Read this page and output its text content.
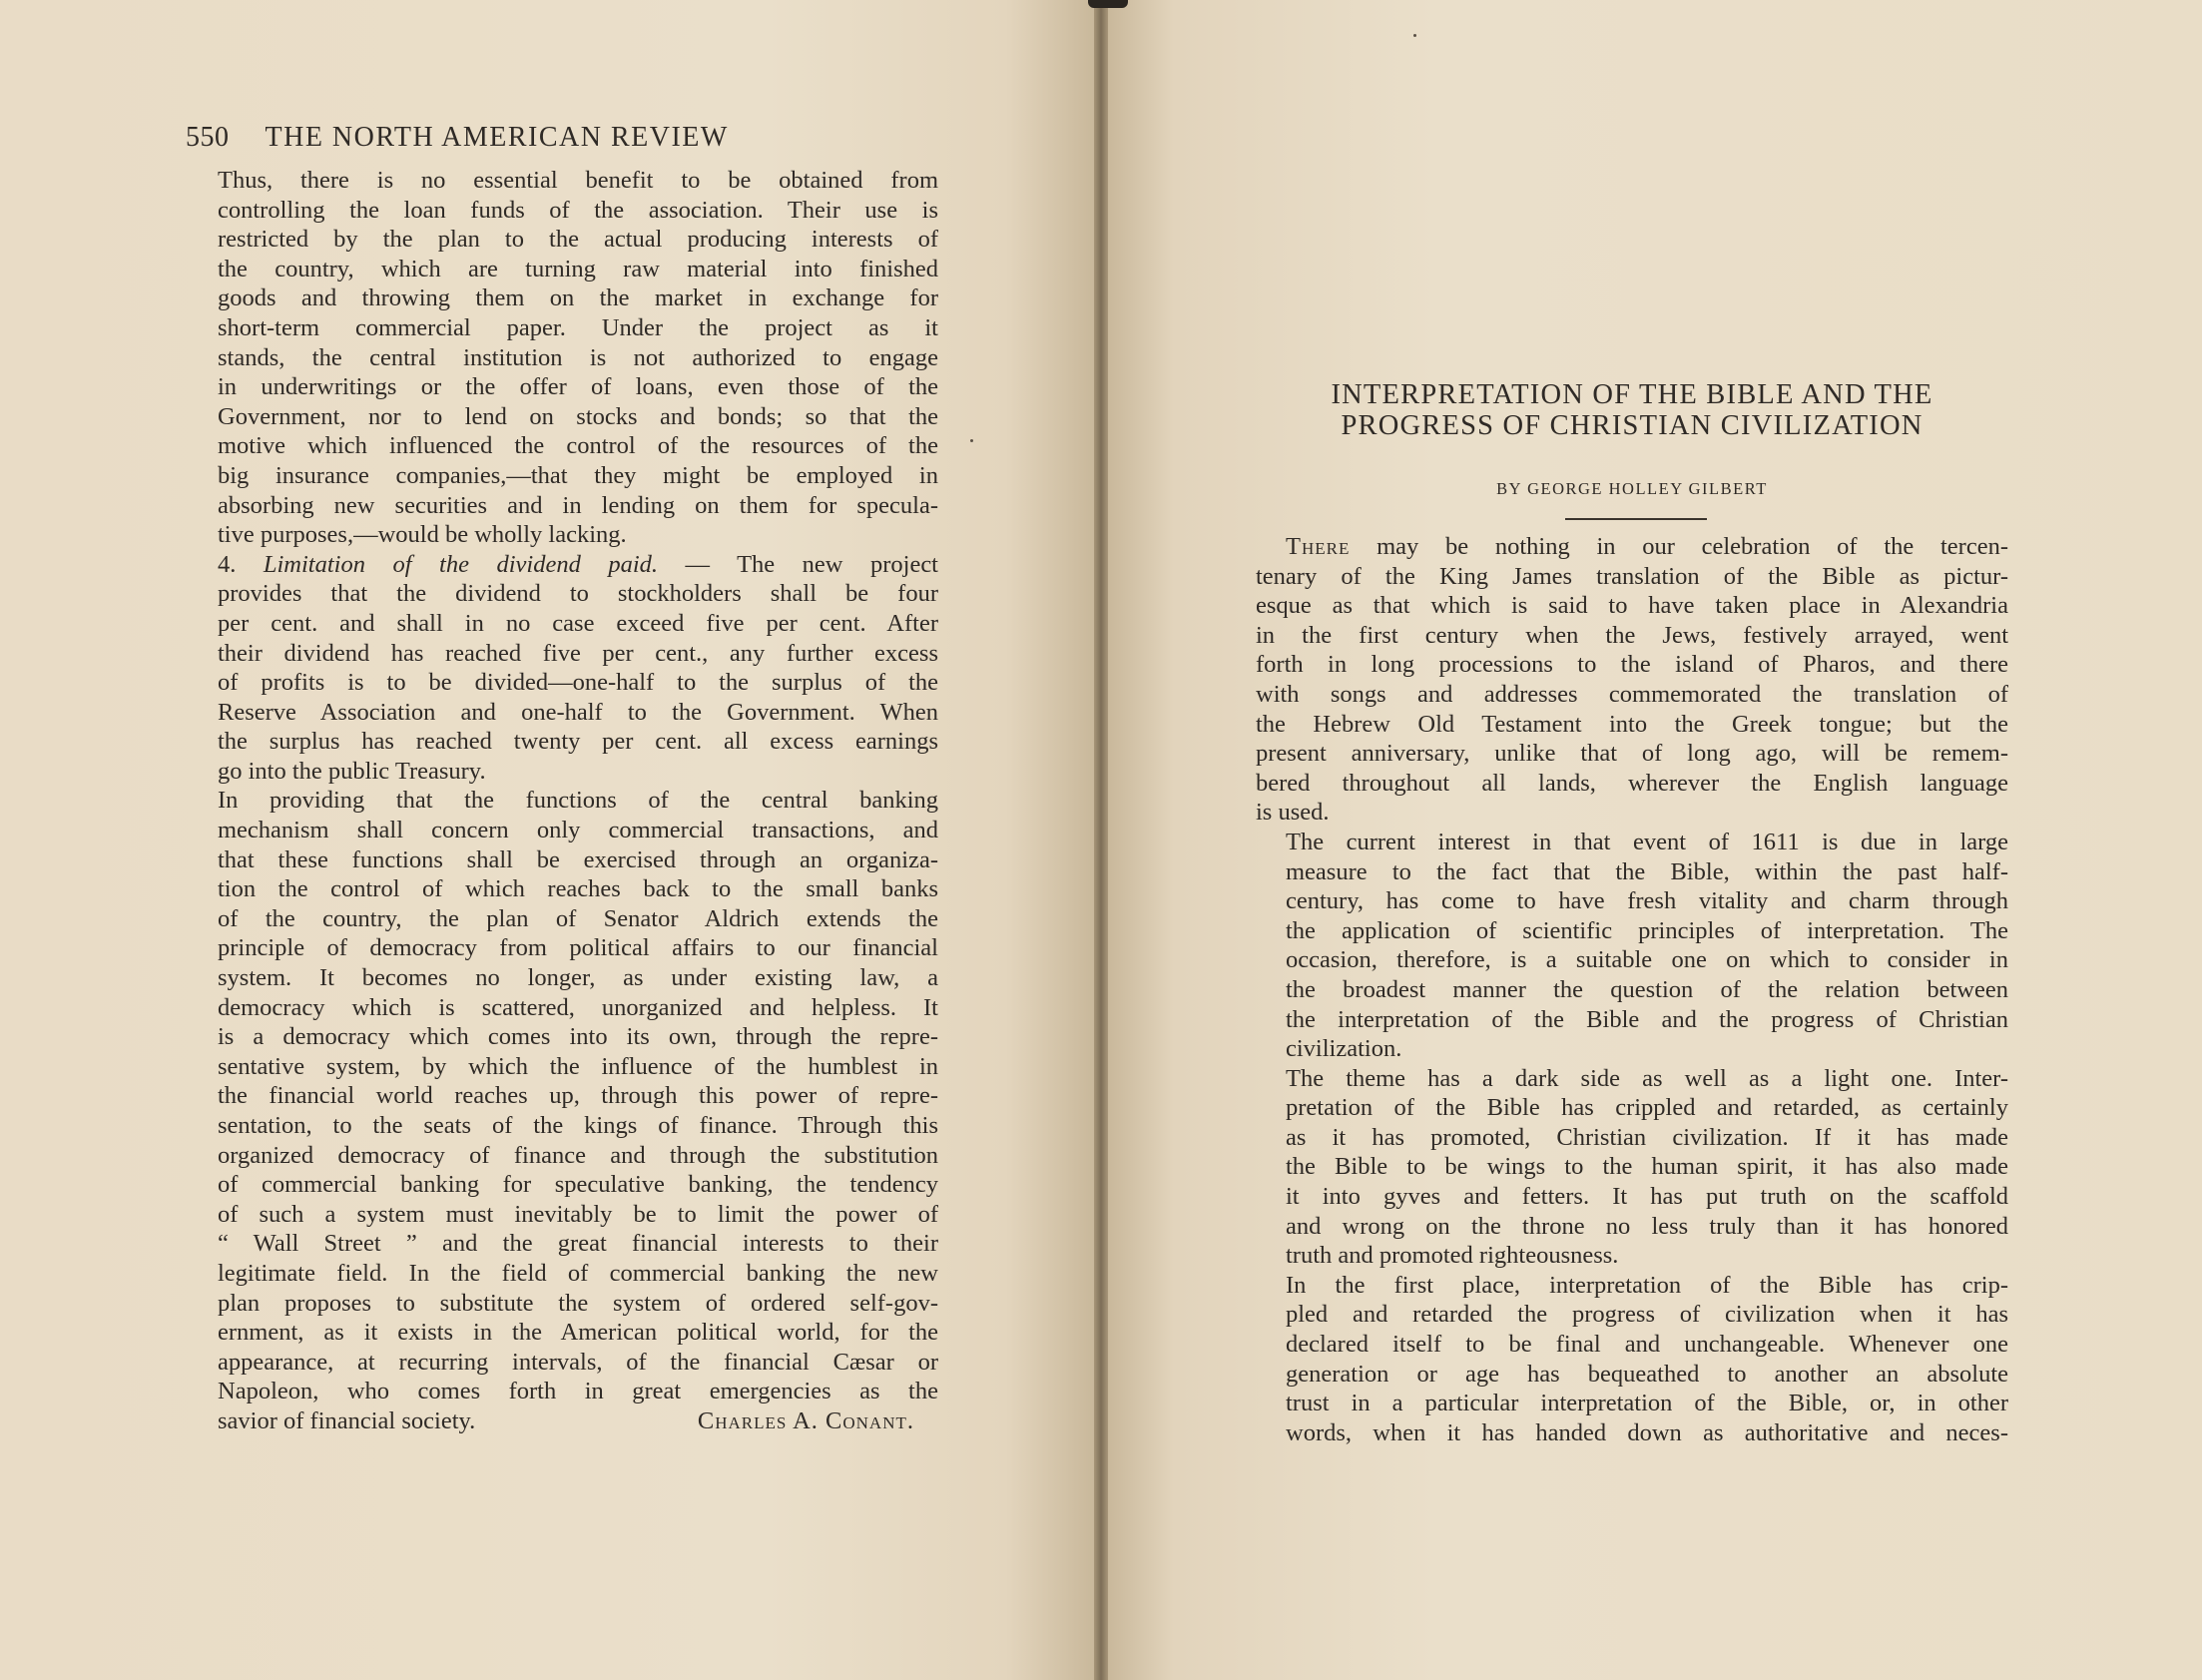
550 THE NORTH AMERICAN REVIEW

Thus, there is no essential benefit to be obtained from
controlling the loan funds of the association. Their use is
restricted by the plan to the actual producing interests of
the country, which are turning raw material into finished
goods and throwing them on the market in exchange for
short-term commercial paper. Under the project as it
stands, the central institution is not authorized to engage
in underwritings or the offer of loans, even those of the
Government, nor to lend on stocks and bonds; so that the
motive which influenced the control of the resources of the
big insurance companies,—that they might be employed in
absorbing new securities and in lending on them for specula-
tive purposes,—would be wholly lacking.

4. Limitation of the dividend paid. — The new project
provides that the dividend to stockholders shall be four
per cent. and shall in no case exceed five per cent. After
their dividend has reached five per cent., any further excess
of profits is to be divided—one-half to the surplus of the
Reserve Association and one-half to the Government. When
the surplus has reached twenty per cent. all excess earnings
go into the public Treasury.

In providing that the functions of the central banking
mechanism shall concern only commercial transactions, and
that these functions shall be exercised through an organiza-
tion the control of which reaches back to the small banks
of the country, the plan of Senator Aldrich extends the
principle of democracy from political affairs to our financial
system. It becomes no longer, as under existing law, a
democracy which is scattered, unorganized and helpless. It
is a democracy which comes into its own, through the repre-
sentative system, by which the influence of the humblest in
the financial world reaches up, through this power of repre-
sentation, to the seats of the kings of finance. Through this
organized democracy of finance and through the substitution
of commercial banking for speculative banking, the tendency
of such a system must inevitably be to limit the power of
“ Wall Street ” and the great financial interests to their
legitimate field. In the field of commercial banking the new
plan proposes to substitute the system of ordered self-gov-
ernment, as it exists in the American political world, for the
appearance, at recurring intervals, of the financial Cæsar or
Napoleon, who comes forth in great emergencies as the
savior of financial society.	Charles A. Conant.

INTERPRETATION OF THE BIBLE AND THE
PROGRESS OF CHRISTIAN CIVILIZATION
BY GEORGE HOLLEY GILBERT

There may be nothing in our celebration of the tercen-
tenary of the King James translation of the Bible as pictur-
esque as that which is said to have taken place in Alexandria
in the first century when the Jews, festively arrayed, went
forth in long processions to the island of Pharos, and there
with songs and addresses commemorated the translation of
the Hebrew Old Testament into the Greek tongue; but the
present anniversary, unlike that of long ago, will be remem-
bered throughout all lands, wherever the English language
is used.

The current interest in that event of 1611 is due in large
measure to the fact that the Bible, within the past half-
century, has come to have fresh vitality and charm through
the application of scientific principles of interpretation. The
occasion, therefore, is a suitable one on which to consider in
the broadest manner the question of the relation between
the interpretation of the Bible and the progress of Christian
civilization.

The theme has a dark side as well as a light one. Inter-
pretation of the Bible has crippled and retarded, as certainly
as it has promoted, Christian civilization. If it has made
the Bible to be wings to the human spirit, it has also made
it into gyves and fetters. It has put truth on the scaffold
and wrong on the throne no less truly than it has honored
truth and promoted righteousness.

In the first place, interpretation of the Bible has crip-
pled and retarded the progress of civilization when it has
declared itself to be final and unchangeable. Whenever one
generation or age has bequeathed to another an absolute
trust in a particular interpretation of the Bible, or, in other
words, when it has handed down as authoritative and neces-
